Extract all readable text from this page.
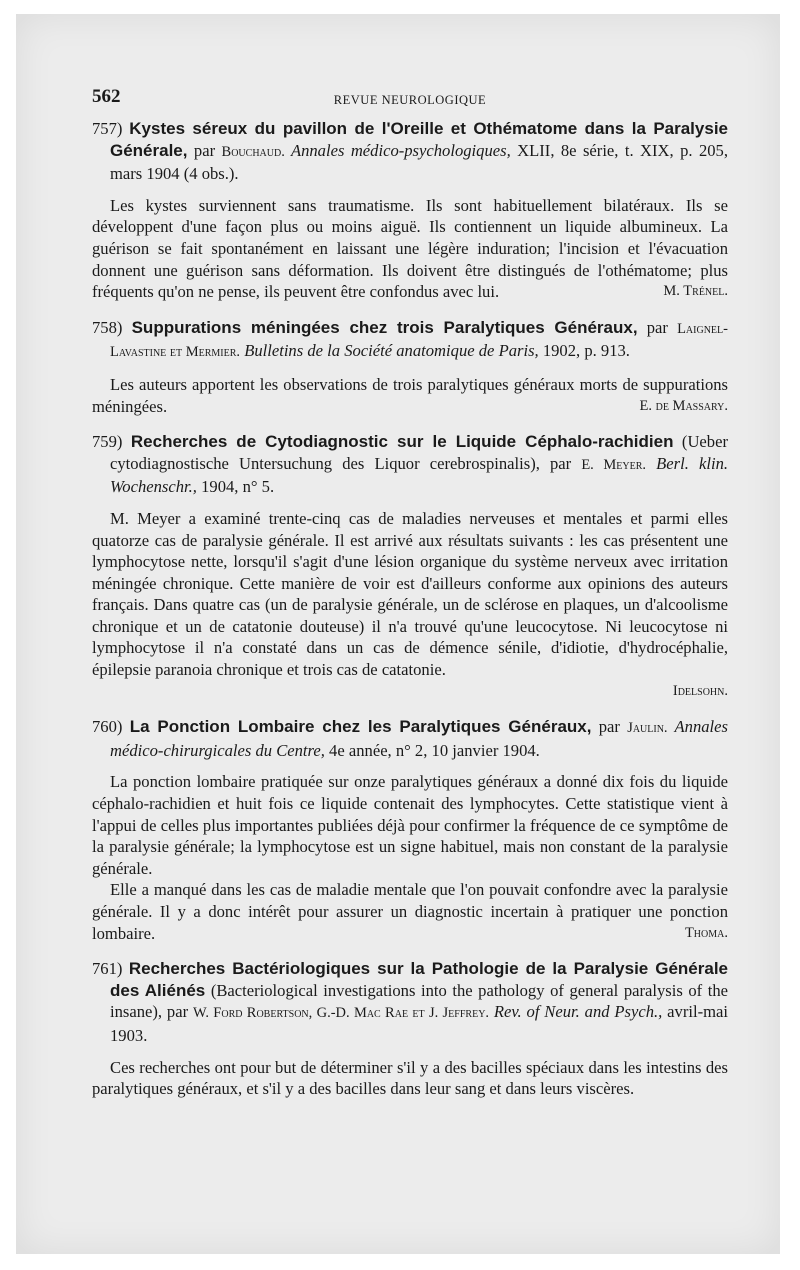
562	REVUE NEUROLOGIQUE
757) Kystes séreux du pavillon de l'Oreille et Othématome dans la Paralysie Générale, par Bouchaud. Annales médico-psychologiques, XLII, 8e série, t. XIX, p. 205, mars 1904 (4 obs.).

Les kystes surviennent sans traumatisme. Ils sont habituellement bilatéraux. Ils se développent d'une façon plus ou moins aiguë. Ils contiennent un liquide albumineux. La guérison se fait spontanément en laissant une légère induration; l'incision et l'évacuation donnent une guérison sans déformation. Ils doivent être distingués de l'othématome; plus fréquents qu'on ne pense, ils peuvent être confondus avec lui.	M. Trénel.

758) Suppurations méningées chez trois Paralytiques Généraux, par Laignel-Lavastine et Mermier. Bulletins de la Société anatomique de Paris, 1902, p. 913.

Les auteurs apportent les observations de trois paralytiques généraux morts de suppurations méningées.	E. de Massary.

759) Recherches de Cytodiagnostic sur le Liquide Céphalo-rachidien (Ueber cytodiagnostische Untersuchung des Liquor cerebrospinalis), par E. Meyer. Berl. klin. Wochenschr., 1904, n° 5.

M. Meyer a examiné trente-cinq cas de maladies nerveuses et mentales et parmi elles quatorze cas de paralysie générale. Il est arrivé aux résultats suivants : les cas présentent une lymphocytose nette, lorsqu'il s'agit d'une lésion organique du système nerveux avec irritation méningée chronique. Cette manière de voir est d'ailleurs conforme aux opinions des auteurs français. Dans quatre cas (un de paralysie générale, un de sclérose en plaques, un d'alcoolisme chronique et un de catatonie douteuse) il n'a trouvé qu'une leucocytose. Ni leucocytose ni lymphocytose il n'a constaté dans un cas de démence sénile, d'idiotie, d'hydrocéphalie, épilepsie paranoia chronique et trois cas de catatonie.

Idelsohn.
760) La Ponction Lombaire chez les Paralytiques Généraux, par Jaulin. Annales médico-chirurgicales du Centre, 4e année, n° 2, 10 janvier 1904.

La ponction lombaire pratiquée sur onze paralytiques généraux a donné dix fois du liquide céphalo-rachidien et huit fois ce liquide contenait des lymphocytes. Cette statistique vient à l'appui de celles plus importantes publiées déjà pour confirmer la fréquence de ce symptôme de la paralysie générale; la lymphocytose est un signe habituel, mais non constant de la paralysie générale.

Elle a manqué dans les cas de maladie mentale que l'on pouvait confondre avec la paralysie générale. Il y a donc intérêt pour assurer un diagnostic incertain à pratiquer une ponction lombaire.	Thoma.

761) Recherches Bactériologiques sur la Pathologie de la Paralysie Générale des Aliénés (Bacteriological investigations into the pathology of general paralysis of the insane), par W. Ford Robertson, G.-D. Mac Rae et J. Jeffrey. Rev. of Neur. and Psych., avril-mai 1903.

Ces recherches ont pour but de déterminer s'il y a des bacilles spéciaux dans les intestins des paralytiques généraux, et s'il y a des bacilles dans leur sang et dans leurs viscères.
